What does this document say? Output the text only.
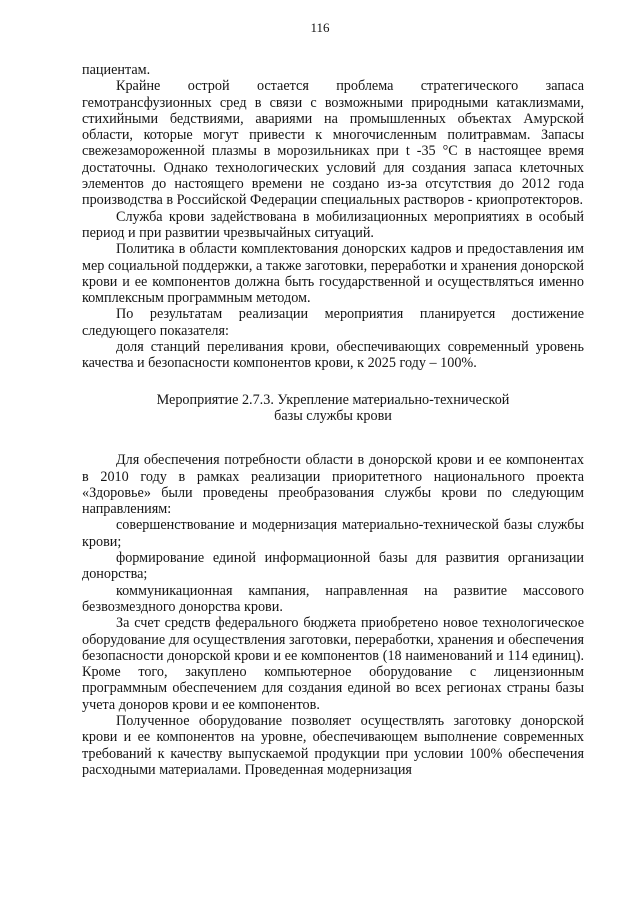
116

пациентам.

Крайне острой остается проблема стратегического запаса гемотрансфузионных сред в связи с возможными природными катаклизмами, стихийными бедствиями, авариями на промышленных объектах Амурской области, которые могут привести к многочисленным политравмам. Запасы свежезамороженной плазмы в морозильниках при t -35 °С в настоящее время достаточны. Однако технологических условий для создания запаса клеточных элементов до настоящего времени не создано из-за отсутствия до 2012 года производства в Российской Федерации специальных растворов - криопротекторов.

Служба крови задействована в мобилизационных мероприятиях в особый период и при развитии чрезвычайных ситуаций.

Политика в области комплектования донорских кадров и предоставления им мер социальной поддержки, а также заготовки, переработки и хранения донорской крови и ее компонентов должна быть государственной и осуществляться именно комплексным программным методом.

По результатам реализации мероприятия планируется достижение следующего показателя:

доля станций переливания крови, обеспечивающих современный уровень качества и безопасности компонентов крови, к 2025 году – 100%.

Мероприятие 2.7.3. Укрепление материально-технической
базы службы крови

Для обеспечения потребности области в донорской крови и ее компонентах в 2010 году в рамках реализации приоритетного национального проекта «Здоровье» были проведены преобразования службы крови по следующим направлениям:

совершенствование и модернизация материально-технической базы службы крови;

формирование единой информационной базы для развития организации донорства;

коммуникационная кампания, направленная на развитие массового безвозмездного донорства крови.

За счет средств федерального бюджета приобретено новое технологическое оборудование для осуществления заготовки, переработки, хранения и обеспечения безопасности донорской крови и ее компонентов (18 наименований и 114 единиц). Кроме того, закуплено компьютерное оборудование с лицензионным программным обеспечением для создания единой во всех регионах страны базы учета доноров крови и ее компонентов.

Полученное оборудование позволяет осуществлять заготовку донорской крови и ее компонентов на уровне, обеспечивающем выполнение современных требований к качеству выпускаемой продукции при условии 100% обеспечения расходными материалами. Проведенная модернизация
